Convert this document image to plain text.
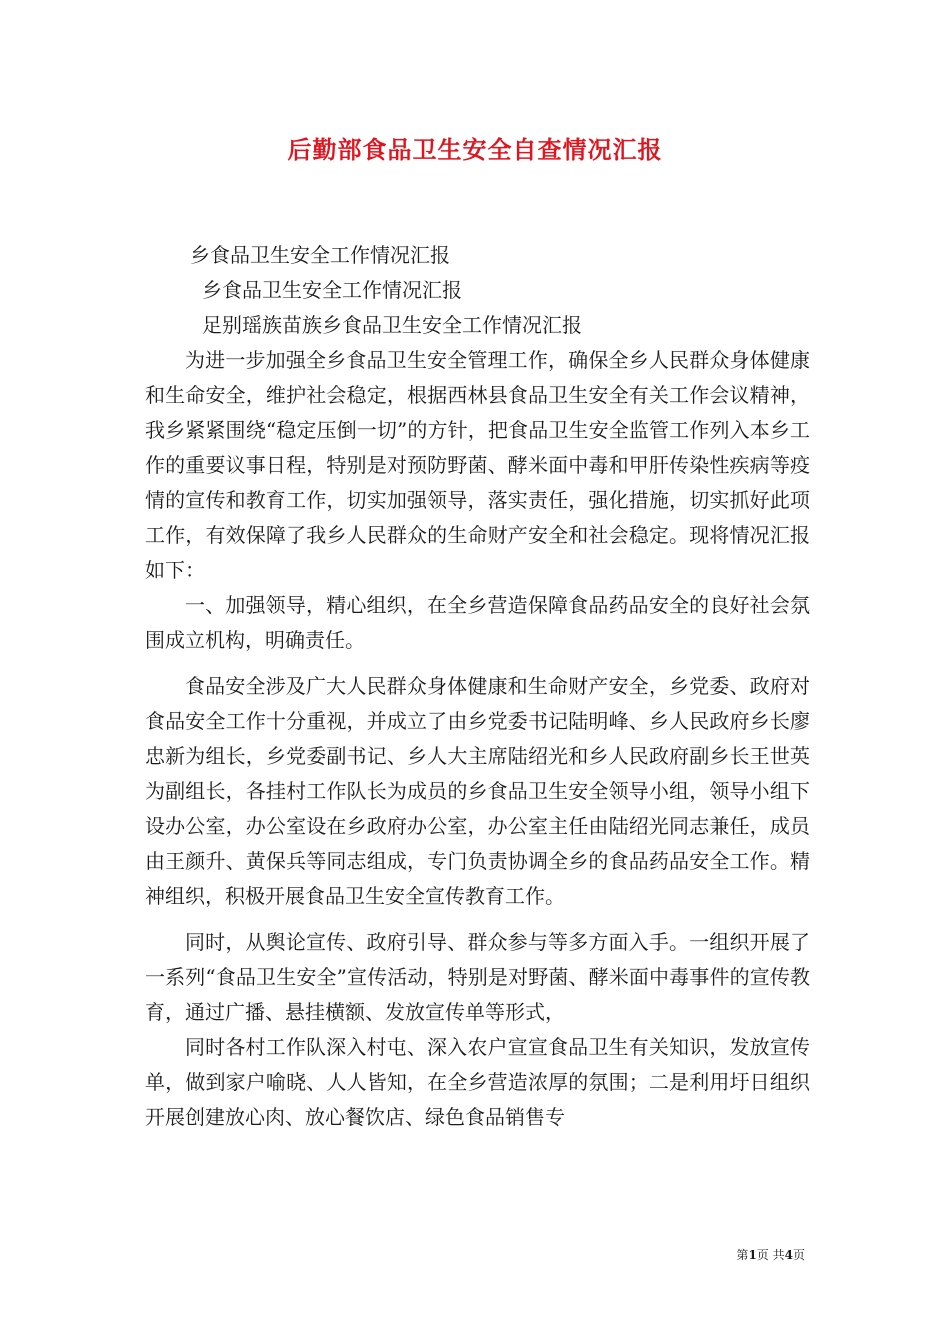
后勤部食品卫生安全自查情况汇报

乡食品卫生安全工作情况汇报

乡食品卫生安全工作情况汇报

足别瑶族苗族乡食品卫生安全工作情况汇报

为进一步加强全乡食品卫生安全管理工作，确保全乡人民群众身体健康和生命安全，维护社会稳定，根据西林县食品卫生安全有关工作会议精神，我乡紧紧围绕“稳定压倒一切”的方针，把食品卫生安全监管工作列入本乡工作的重要议事日程，特别是对预防野菌、酵米面中毒和甲肝传染性疾病等疫情的宣传和教育工作，切实加强领导，落实责任，强化措施，切实抓好此项工作，有效保障了我乡人民群众的生命财产安全和社会稳定。现将情况汇报如下：

一、加强领导，精心组织，在全乡营造保障食品药品安全的良好社会氛围成立机构，明确责任。

食品安全涉及广大人民群众身体健康和生命财产安全，乡党委、政府对食品安全工作十分重视，并成立了由乡党委书记陆明峰、乡人民政府乡长廖忠新为组长，乡党委副书记、乡人大主席陆绍光和乡人民政府副乡长王世英为副组长，各挂村工作队长为成员的乡食品卫生安全领导小组，领导小组下设办公室，办公室设在乡政府办公室，办公室主任由陆绍光同志兼任，成员由王颜升、黄保兵等同志组成，专门负责协调全乡的食品药品安全工作。精神组织，积极开展食品卫生安全宣传教育工作。

同时，从舆论宣传、政府引导、群众参与等多方面入手。一组织开展了一系列“食品卫生安全”宣传活动，特别是对野菌、酵米面中毒事件的宣传教育，通过广播、悬挂横额、发放宣传单等形式，

同时各村工作队深入村屯、深入农户宣宣食品卫生有关知识，发放宣传单，做到家户喻晓、人人皆知，在全乡营造浓厚的氛围；二是利用圩日组织开展创建放心肉、放心餐饮店、绿色食品销售专

第1页 共4页
